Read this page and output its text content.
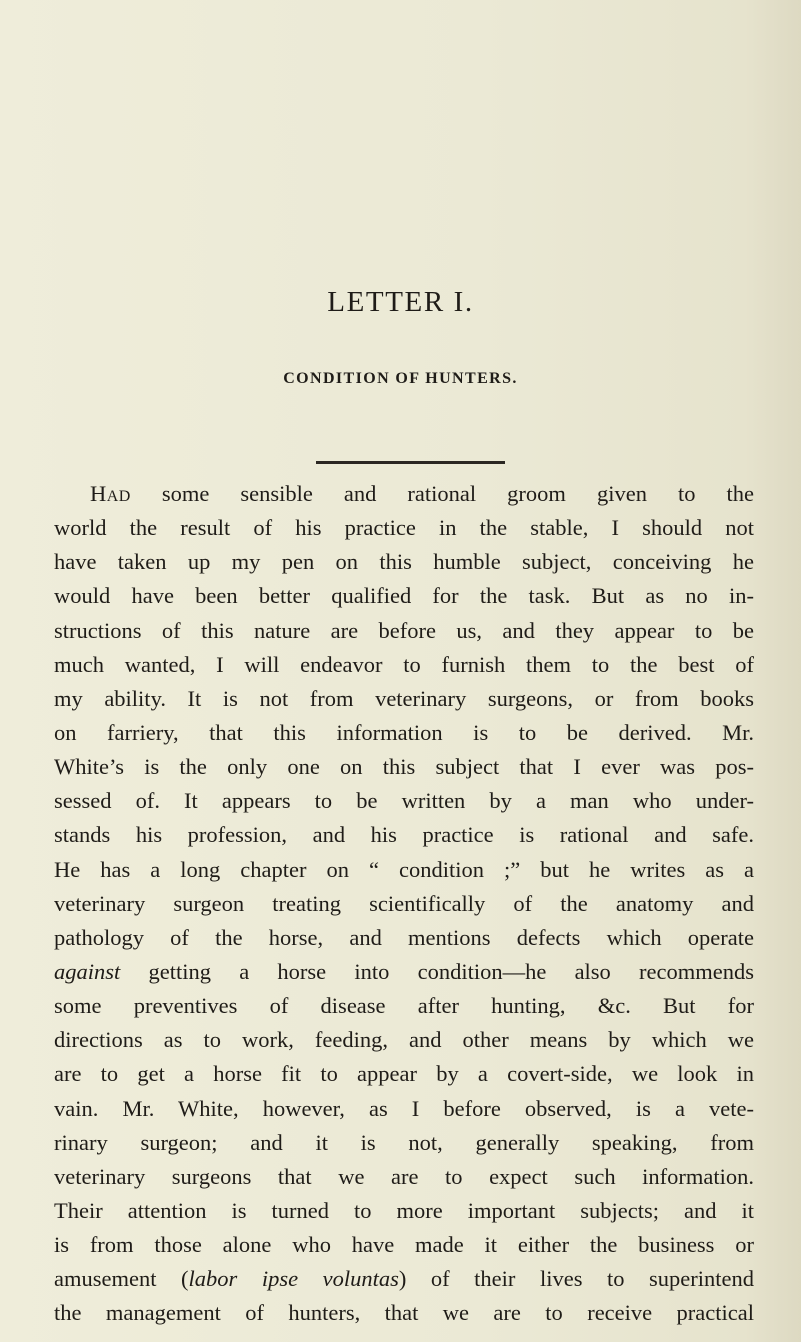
LETTER I.
CONDITION OF HUNTERS.
Had some sensible and rational groom given to the
world the result of his practice in the stable, I should not
have taken up my pen on this humble subject, conceiving he
would have been better qualified for the task. But as no in-
structions of this nature are before us, and they appear to be
much wanted, I will endeavor to furnish them to the best of
my ability. It is not from veterinary surgeons, or from books
on farriery, that this information is to be derived. Mr.
White’s is the only one on this subject that I ever was pos-
sessed of. It appears to be written by a man who under-
stands his profession, and his practice is rational and safe.
He has a long chapter on “ condition ;” but he writes as a
veterinary surgeon treating scientifically of the anatomy and
pathology of the horse, and mentions defects which operate
against getting a horse into condition—he also recommends
some preventives of disease after hunting, &c. But for
directions as to work, feeding, and other means by which we
are to get a horse fit to appear by a covert-side, we look in
vain. Mr. White, however, as I before observed, is a vete-
rinary surgeon; and it is not, generally speaking, from
veterinary surgeons that we are to expect such information.
Their attention is turned to more important subjects; and it
is from those alone who have made it either the business or
amusement (labor ipse voluntas) of their lives to superintend
the management of hunters, that we are to receive practical
